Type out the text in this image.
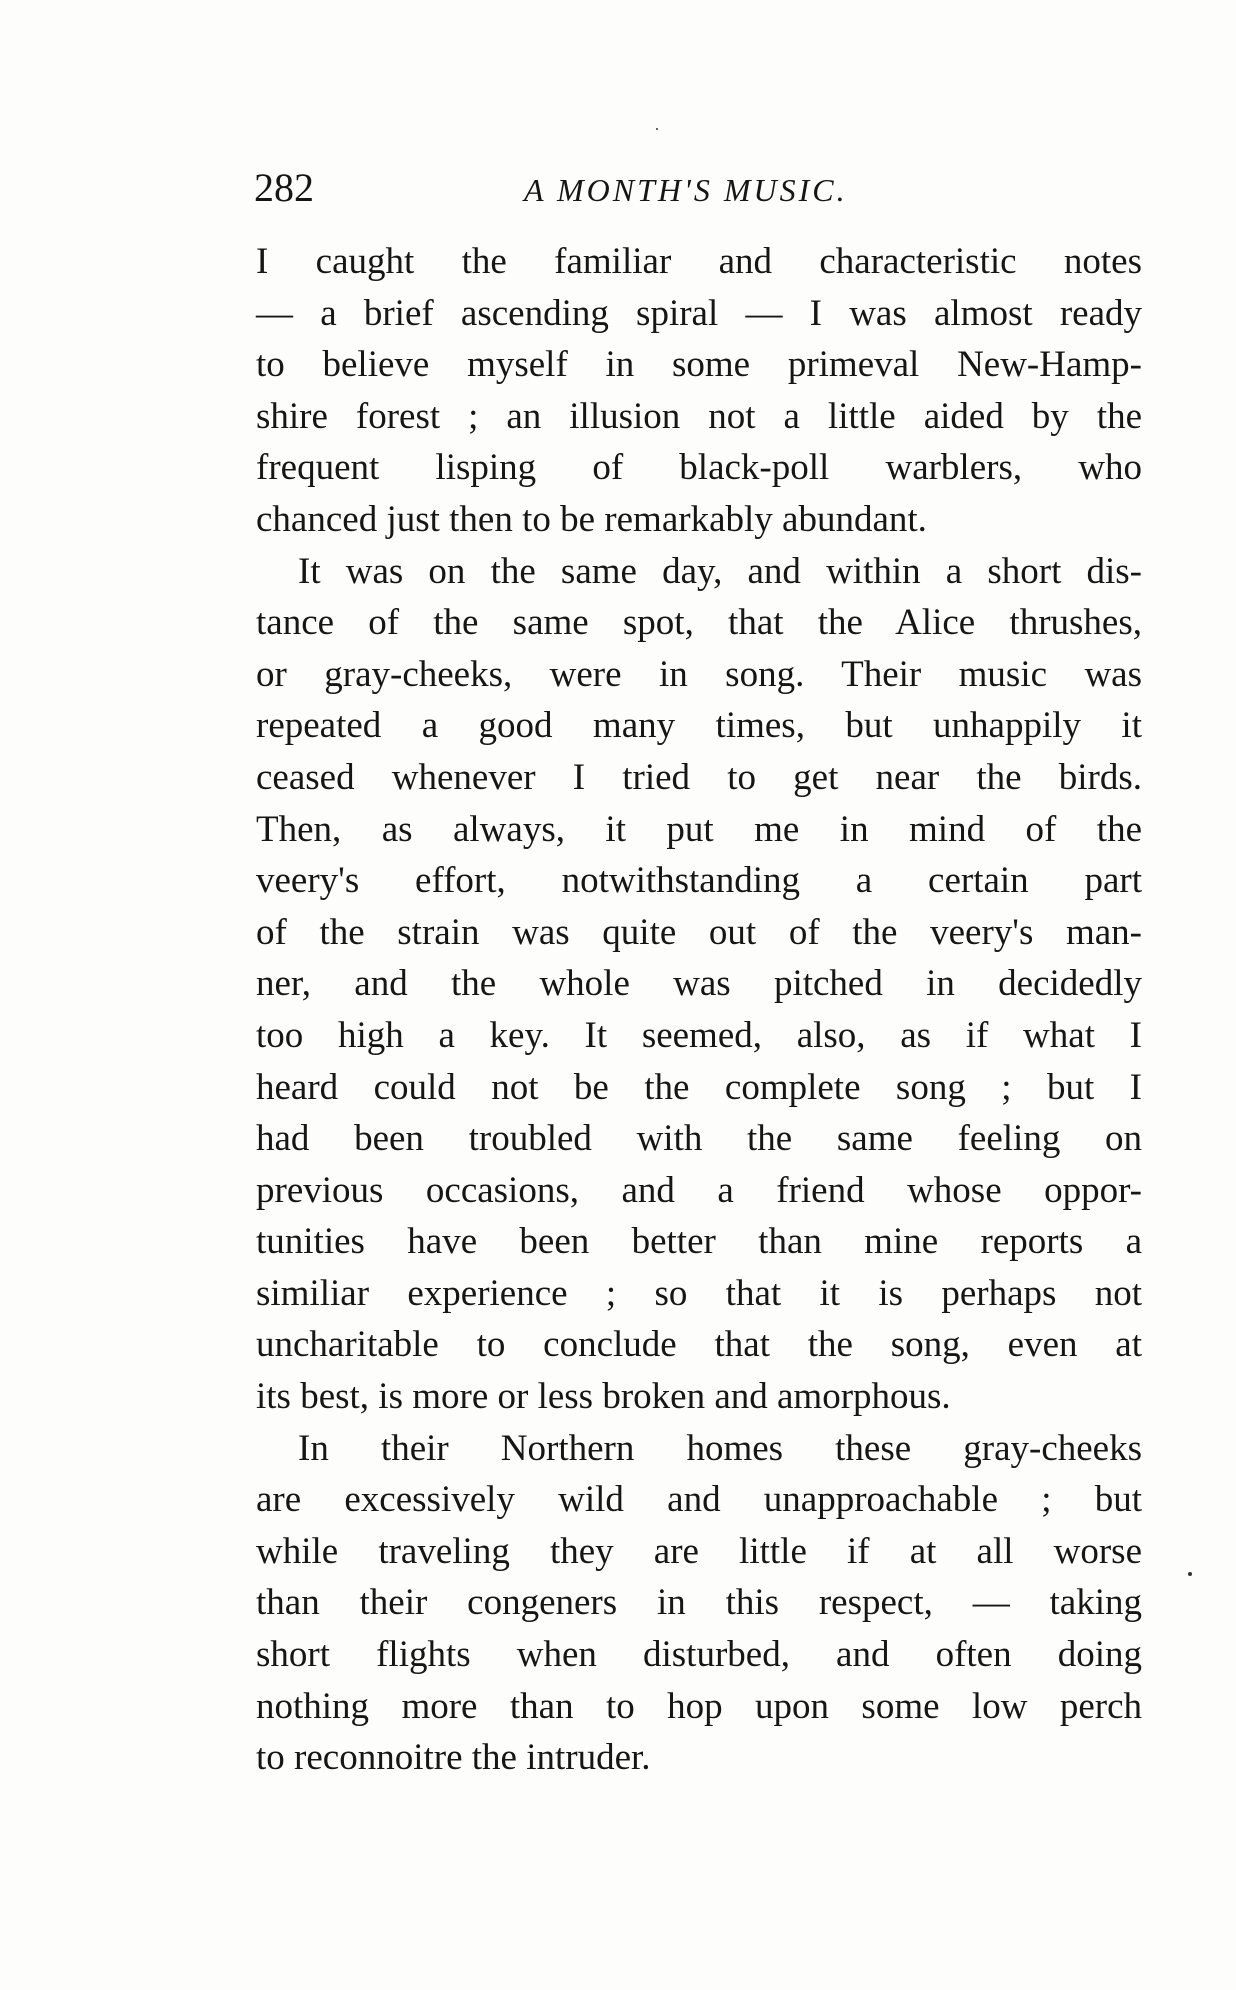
282	A MONTH'S MUSIC.
I caught the familiar and characteristic notes
— a brief ascending spiral — I was almost ready
to believe myself in some primeval New-Hamp-
shire forest ; an illusion not a little aided by the
frequent lisping of black-poll warblers, who
chanced just then to be remarkably abundant.
It was on the same day, and within a short dis-
tance of the same spot, that the Alice thrushes,
or gray-cheeks, were in song. Their music was
repeated a good many times, but unhappily it
ceased whenever I tried to get near the birds.
Then, as always, it put me in mind of the
veery's effort, notwithstanding a certain part
of the strain was quite out of the veery's man-
ner, and the whole was pitched in decidedly
too high a key. It seemed, also, as if what I
heard could not be the complete song ; but I
had been troubled with the same feeling on
previous occasions, and a friend whose oppor-
tunities have been better than mine reports a
similiar experience ; so that it is perhaps not
uncharitable to conclude that the song, even at
its best, is more or less broken and amorphous.
In their Northern homes these gray-cheeks
are excessively wild and unapproachable ; but
while traveling they are little if at all worse
than their congeners in this respect, — taking
short flights when disturbed, and often doing
nothing more than to hop upon some low perch
to reconnoitre the intruder.
